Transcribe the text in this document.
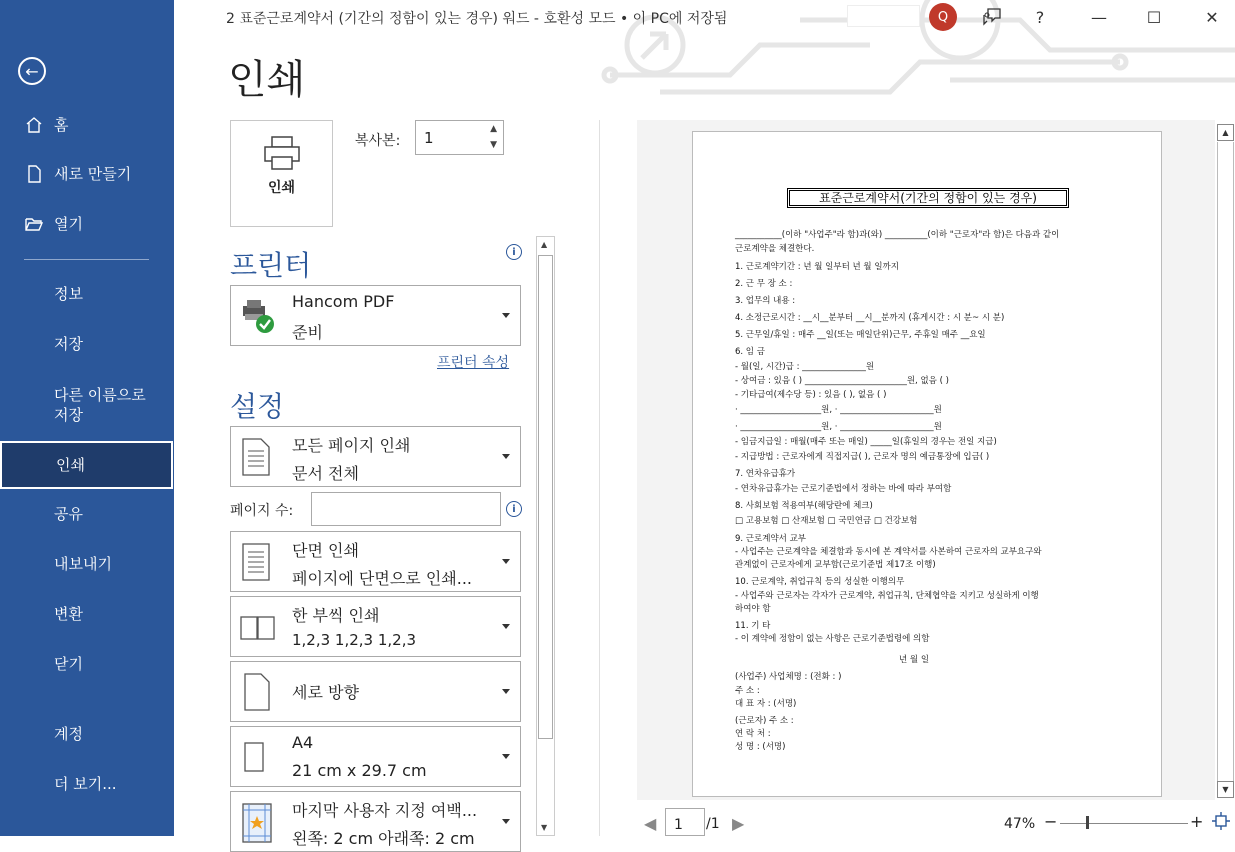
←
홈
새로 만들기
열기
정보
저장
다른 이름으로
저장
인쇄
공유
내보내기
변환
닫기
계정
더 보기...
2 표준근로계약서 (기간의 정함이 있는 경우) 워드 - 호환성 모드 • 이 PC에 저장됨	Q	?	—	☐	✕
인쇄
인쇄
복사본: 1	▲
▼
프린터	i
Hancom PDF
준비
프린터 속성
설정
모든 페이지 인쇄
문서 전체
페이지 수:	i
단면 인쇄
페이지에 단면으로 인쇄...
한 부씩 인쇄
1,2,3 1,2,3 1,2,3
세로 방향
A4
21 cm x 29.7 cm
마지막 사용자 지정 여백...
왼쪽: 2 cm 아래쪽: 2 cm
▲
▼
표준근로계약서(기간의 정함이 있는 경우)
___________(이하 "사업주"라 함)과(와) __________(이하 "근로자"라 함)은 다음과 같이
근로계약을 체결한다.
1. 근로계약기간 : 년 월 일부터 년 월 일까지
2. 근 무 장 소 :
3. 업무의 내용 :
4. 소정근로시간 : __시__분부터 __시__분까지 (휴게시간 : 시 분~ 시 분)
5. 근무일/휴일 : 매주 __일(또는 매일단위)근무, 주휴일 매주 __요일
6. 임 금
- 월(일, 시간)급 : _______________원
- 상여금 : 있음 ( ) ________________________원, 없음 ( )
- 기타급여(제수당 등) : 있음 ( ), 없음 ( )
· ___________________원, · ______________________원
· ___________________원, · ______________________원
- 임금지급일 : 매월(매주 또는 매일) _____일(휴일의 경우는 전일 지급)
- 지급방법 : 근로자에게 직접지급( ), 근로자 명의 예금통장에 입금( )
7. 연차유급휴가
- 연차유급휴가는 근로기준법에서 정하는 바에 따라 부여함
8. 사회보험 적용여부(해당란에 체크)
□ 고용보험 □ 산재보험 □ 국민연금 □ 건강보험
9. 근로계약서 교부
- 사업주는 근로계약을 체결함과 동시에 본 계약서를 사본하여 근로자의 교부요구와
관계없이 근로자에게 교부함(근로기준법 제17조 이행)
10. 근로계약, 취업규칙 등의 성실한 이행의무
- 사업주와 근로자는 각자가 근로계약, 취업규칙, 단체협약을 지키고 성실하게 이행
하여야 함
11. 기 타
- 이 계약에 정함이 없는 사항은 근로기준법령에 의함
년 월 일
(사업주) 사업체명 : (전화 : )
주 소 :
대 표 자 : (서명)
(근로자) 주 소 :
연 락 처 :
성 명 : (서명)
▲
▼
◀ 1 /1 ▶	47% −	+
